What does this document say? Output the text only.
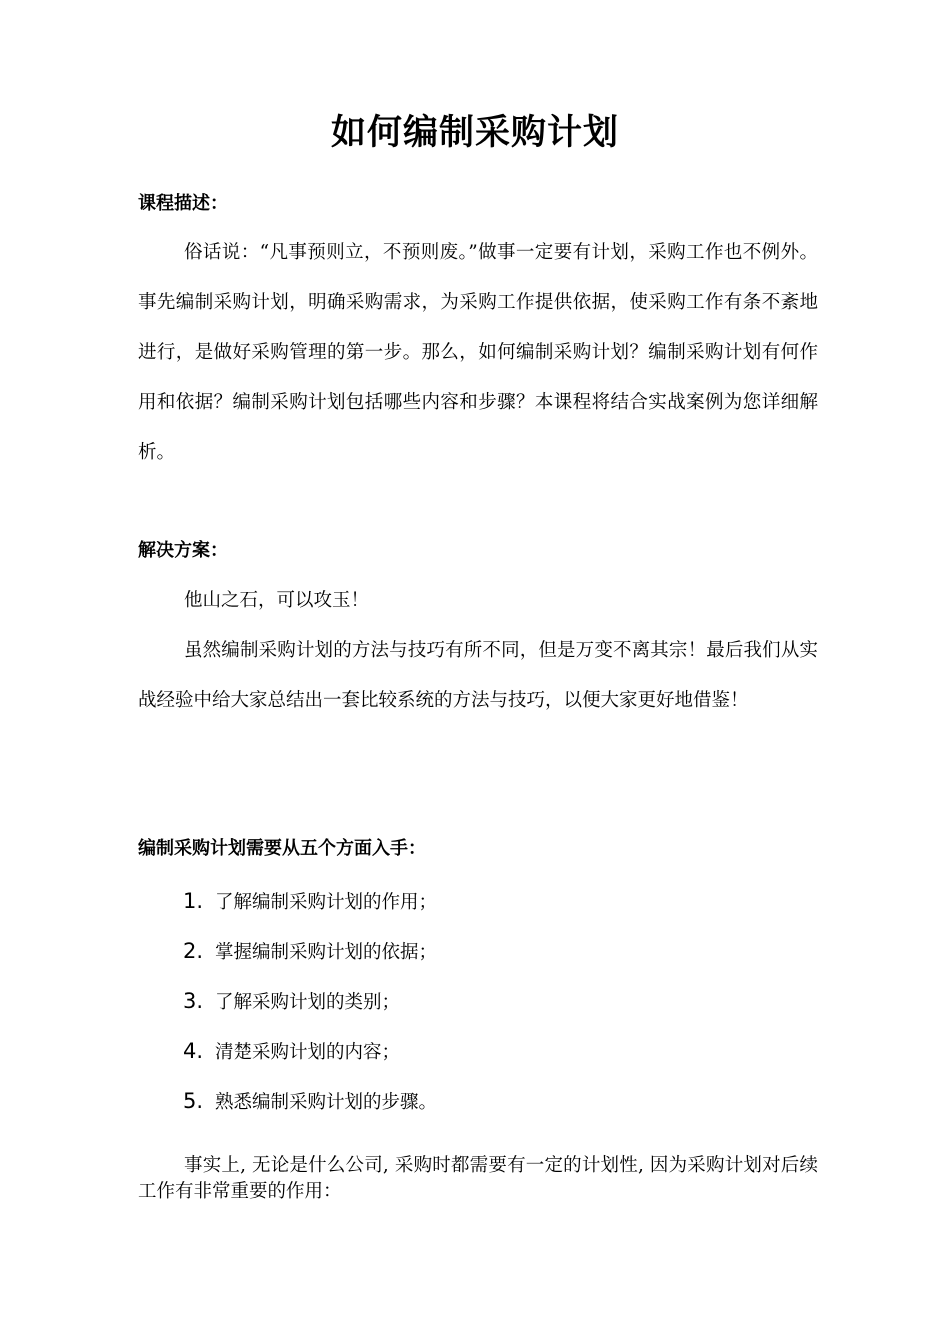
如何编制采购计划
课程描述：
俗话说：“凡事预则立，不预则废。”做事一定要有计划，采购工作也不例外。事先编制采购计划，明确采购需求，为采购工作提供依据，使采购工作有条不紊地进行，是做好采购管理的第一步。那么，如何编制采购计划？编制采购计划有何作用和依据？编制采购计划包括哪些内容和步骤？本课程将结合实战案例为您详细解析。
解决方案：
他山之石，可以攻玉！
虽然编制采购计划的方法与技巧有所不同，但是万变不离其宗！最后我们从实战经验中给大家总结出一套比较系统的方法与技巧，以便大家更好地借鉴！
编制采购计划需要从五个方面入手：
1. 了解编制采购计划的作用；
2. 掌握编制采购计划的依据；
3. 了解采购计划的类别；
4. 清楚采购计划的内容；
5. 熟悉编制采购计划的步骤。
事实上, 无论是什么公司, 采购时都需要有一定的计划性, 因为采购计划对后续工作有非常重要的作用：
